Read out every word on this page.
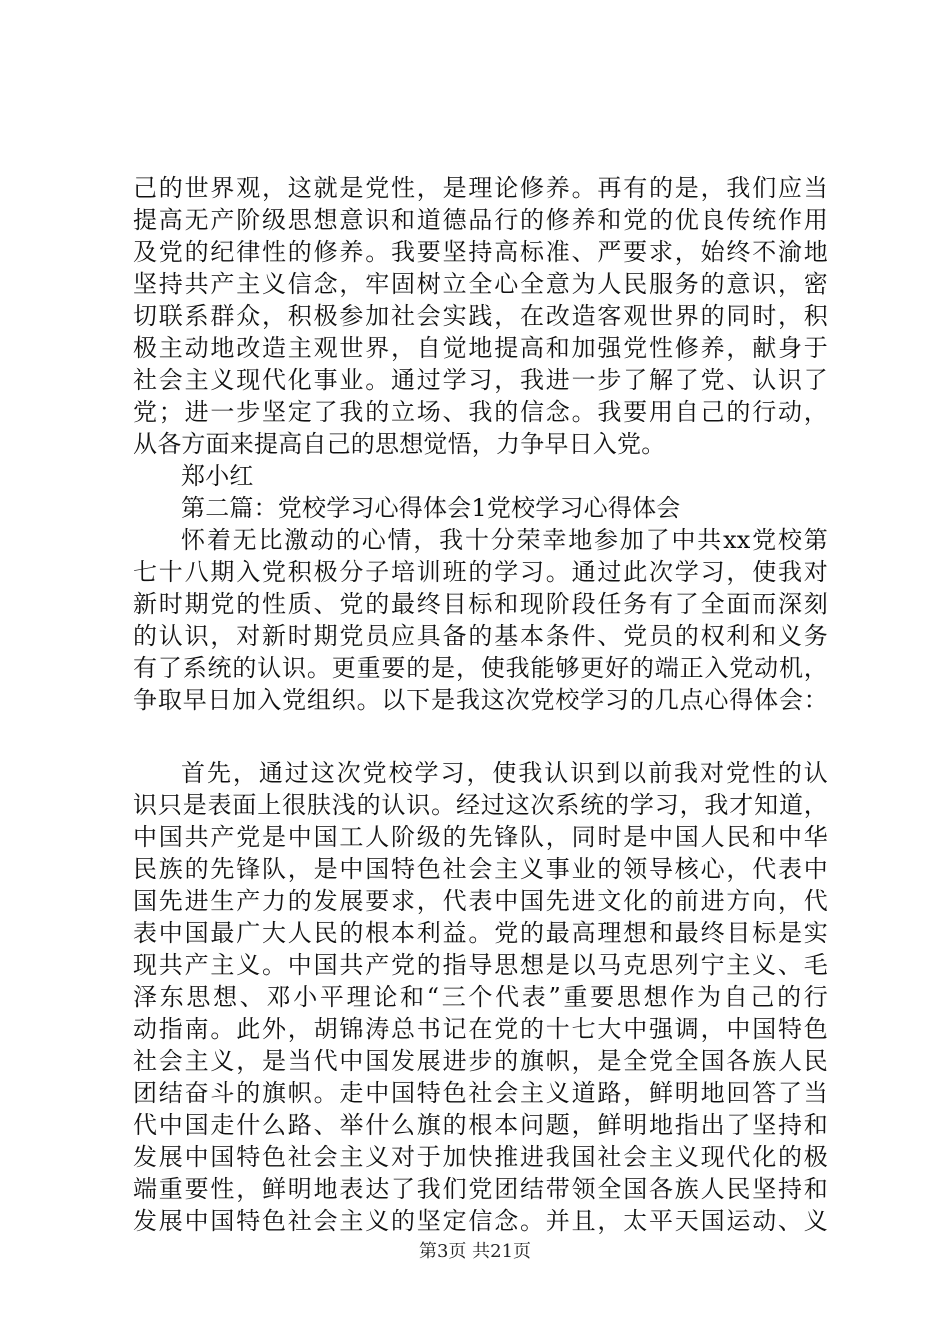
己的世界观，这就是党性，是理论修养。再有的是，我们应当
提高无产阶级思想意识和道德品行的修养和党的优良传统作用
及党的纪律性的修养。我要坚持高标准、严要求，始终不渝地
坚持共产主义信念，牢固树立全心全意为人民服务的意识，密
切联系群众，积极参加社会实践，在改造客观世界的同时，积
极主动地改造主观世界，自觉地提高和加强党性修养，献身于
社会主义现代化事业。通过学习，我进一步了解了党、认识了
党；进一步坚定了我的立场、我的信念。我要用自己的行动，
从各方面来提高自己的思想觉悟，力争早日入党。
郑小红
第二篇：党校学习心得体会1党校学习心得体会
怀着无比激动的心情，我十分荣幸地参加了中共xx党校第
七十八期入党积极分子培训班的学习。通过此次学习，使我对
新时期党的性质、党的最终目标和现阶段任务有了全面而深刻
的认识，对新时期党员应具备的基本条件、党员的权利和义务
有了系统的认识。更重要的是，使我能够更好的端正入党动机，
争取早日加入党组织。以下是我这次党校学习的几点心得体会：
首先，通过这次党校学习，使我认识到以前我对党性的认
识只是表面上很肤浅的认识。经过这次系统的学习，我才知道，
中国共产党是中国工人阶级的先锋队，同时是中国人民和中华
民族的先锋队，是中国特色社会主义事业的领导核心，代表中
国先进生产力的发展要求，代表中国先进文化的前进方向，代
表中国最广大人民的根本利益。党的最高理想和最终目标是实
现共产主义。中国共产党的指导思想是以马克思列宁主义、毛
泽东思想、邓小平理论和“三个代表”重要思想作为自己的行
动指南。此外，胡锦涛总书记在党的十七大中强调，中国特色
社会主义，是当代中国发展进步的旗帜，是全党全国各族人民
团结奋斗的旗帜。走中国特色社会主义道路，鲜明地回答了当
代中国走什么路、举什么旗的根本问题，鲜明地指出了坚持和
发展中国特色社会主义对于加快推进我国社会主义现代化的极
端重要性，鲜明地表达了我们党团结带领全国各族人民坚持和
发展中国特色社会主义的坚定信念。并且，太平天国运动、义
第3页 共21页
